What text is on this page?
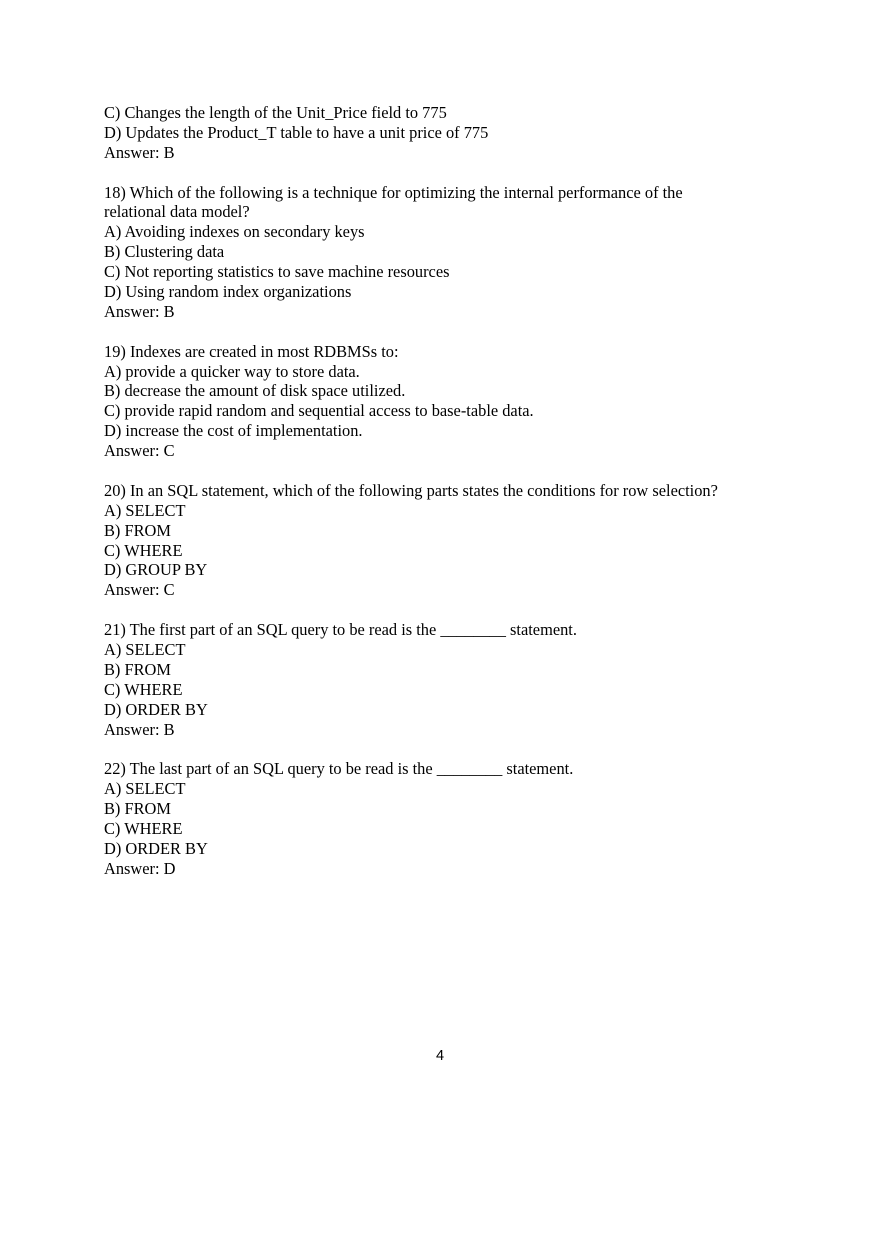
C) Changes the length of the Unit_Price field to 775
D) Updates the Product_T table to have a unit price of 775
Answer: B
18) Which of the following is a technique for optimizing the internal performance of the
relational data model?
A) Avoiding indexes on secondary keys
B) Clustering data
C) Not reporting statistics to save machine resources
D) Using random index organizations
Answer: B
19) Indexes are created in most RDBMSs to:
A) provide a quicker way to store data.
B) decrease the amount of disk space utilized.
C) provide rapid random and sequential access to base-table data.
D) increase the cost of implementation.
Answer: C
20) In an SQL statement, which of the following parts states the conditions for row selection?
A) SELECT
B) FROM
C) WHERE
D) GROUP BY
Answer: C
21) The first part of an SQL query to be read is the ________ statement.
A) SELECT
B) FROM
C) WHERE
D) ORDER BY
Answer: B
22) The last part of an SQL query to be read is the ________ statement.
A) SELECT
B) FROM
C) WHERE
D) ORDER BY
Answer: D
4
